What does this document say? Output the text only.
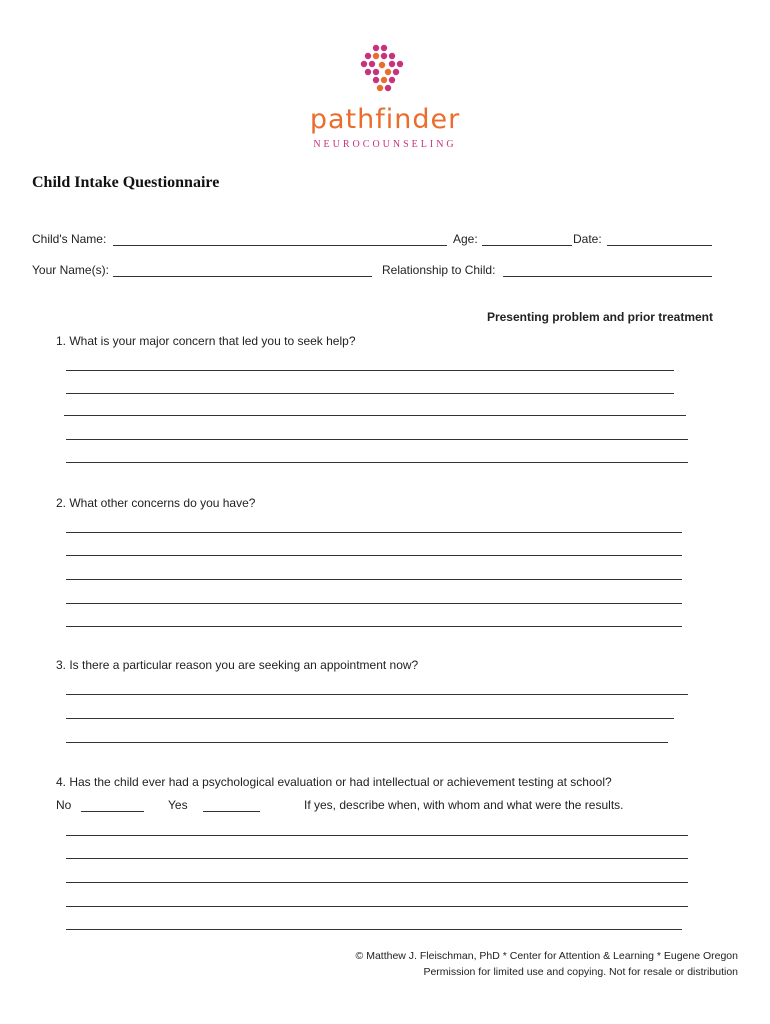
pathfinder
NEUROCOUNSELING
Child Intake Questionnaire
Child's Name:	Age:	Date:
Your Name(s):	Relationship to Child:
Presenting problem and prior treatment
1. What is your major concern that led you to seek help?
2. What other concerns do you have?
3. Is there a particular reason you are seeking an appointment now?
4. Has the child ever had a psychological evaluation or had intellectual or achievement testing at school?
No	Yes	If yes, describe when, with whom and what were the results.
© Matthew J. Fleischman, PhD * Center for Attention & Learning * Eugene Oregon
Permission for limited use and copying. Not for resale or distribution
